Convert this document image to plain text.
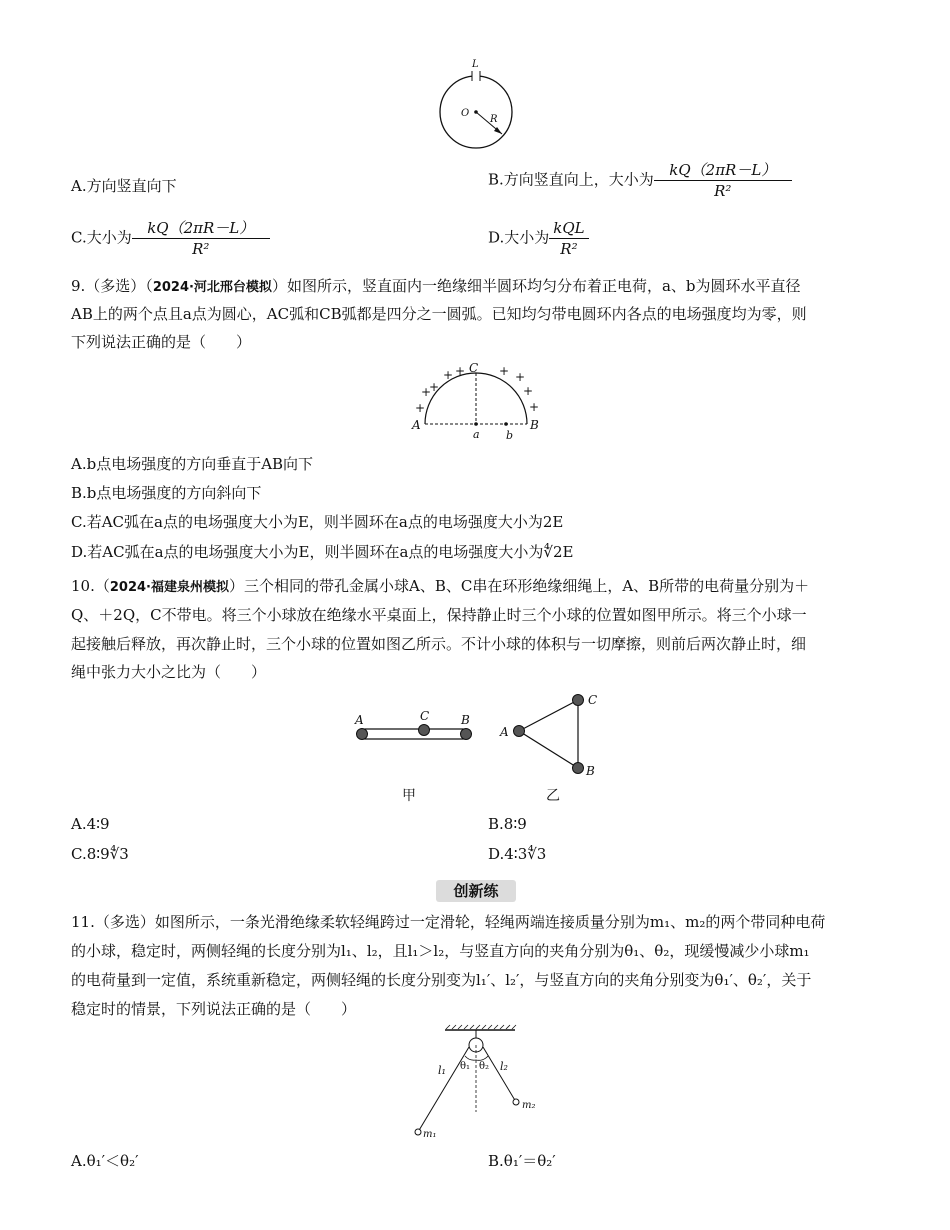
L
O
R
A.方向竖直向下	B.方向竖直向上，大小为 $\frac{kQ(2\pi R-L)}{\text{R²}}$
C.大小为 $\frac{kQ(2\pi R-L)}{\text{R²}}$	D.大小为 $\frac{\text{kQL}}{\text{R²}}$
9.（多选）（2024·河北邢台模拟）如图所示，竖直面内一绝缘细半圆环均匀分布着正电荷，a、b为圆环水平直径
AB上的两个点且a点为圆心，AC弧和CB弧都是四分之一圆弧。已知均匀带电圆环内各点的电场强度均为零，则
下列说法正确的是（　　）
C
A	B
a b
+
+
+
+ +	+ +
+
+
A.b点电场强度的方向垂直于AB向下
B.b点电场强度的方向斜向下
C.若AC弧在a点的电场强度大小为E，则半圆环在a点的电场强度大小为2E
D.若AC弧在a点的电场强度大小为E，则半圆环在a点的电场强度大小为∜2E
10.（2024·福建泉州模拟）三个相同的带孔金属小球A、B、C串在环形绝缘细绳上，A、B所带的电荷量分别为＋
Q、＋2Q，C不带电。将三个小球放在绝缘水平桌面上，保持静止时三个小球的位置如图甲所示。将三个小球一
起接触后释放，再次静止时，三个小球的位置如图乙所示。不计小球的体积与一切摩擦，则前后两次静止时，细
绳中张力大小之比为（　　）
A	C	B
甲
A
C
B
乙
A.4∶9	B.8∶9
C.8∶9∜3	D.4∶3∜3
创新练
11.（多选）如图所示，一条光滑绝缘柔软轻绳跨过一定滑轮，轻绳两端连接质量分别为m₁、m₂的两个带同种电荷
的小球，稳定时，两侧轻绳的长度分别为l₁、l₂，且l₁＞l₂，与竖直方向的夹角分别为θ₁、θ₂，现缓慢减少小球m₁
的电荷量到一定值，系统重新稳定，两侧轻绳的长度分别变为l₁′、l₂′，与竖直方向的夹角分别变为θ₁′、θ₂′，关于
稳定时的情景，下列说法正确的是（　　）
l₁	l₂
θ₁ θ₂
m₁
m₂
A.θ₁′＜θ₂′	B.θ₁′＝θ₂′
